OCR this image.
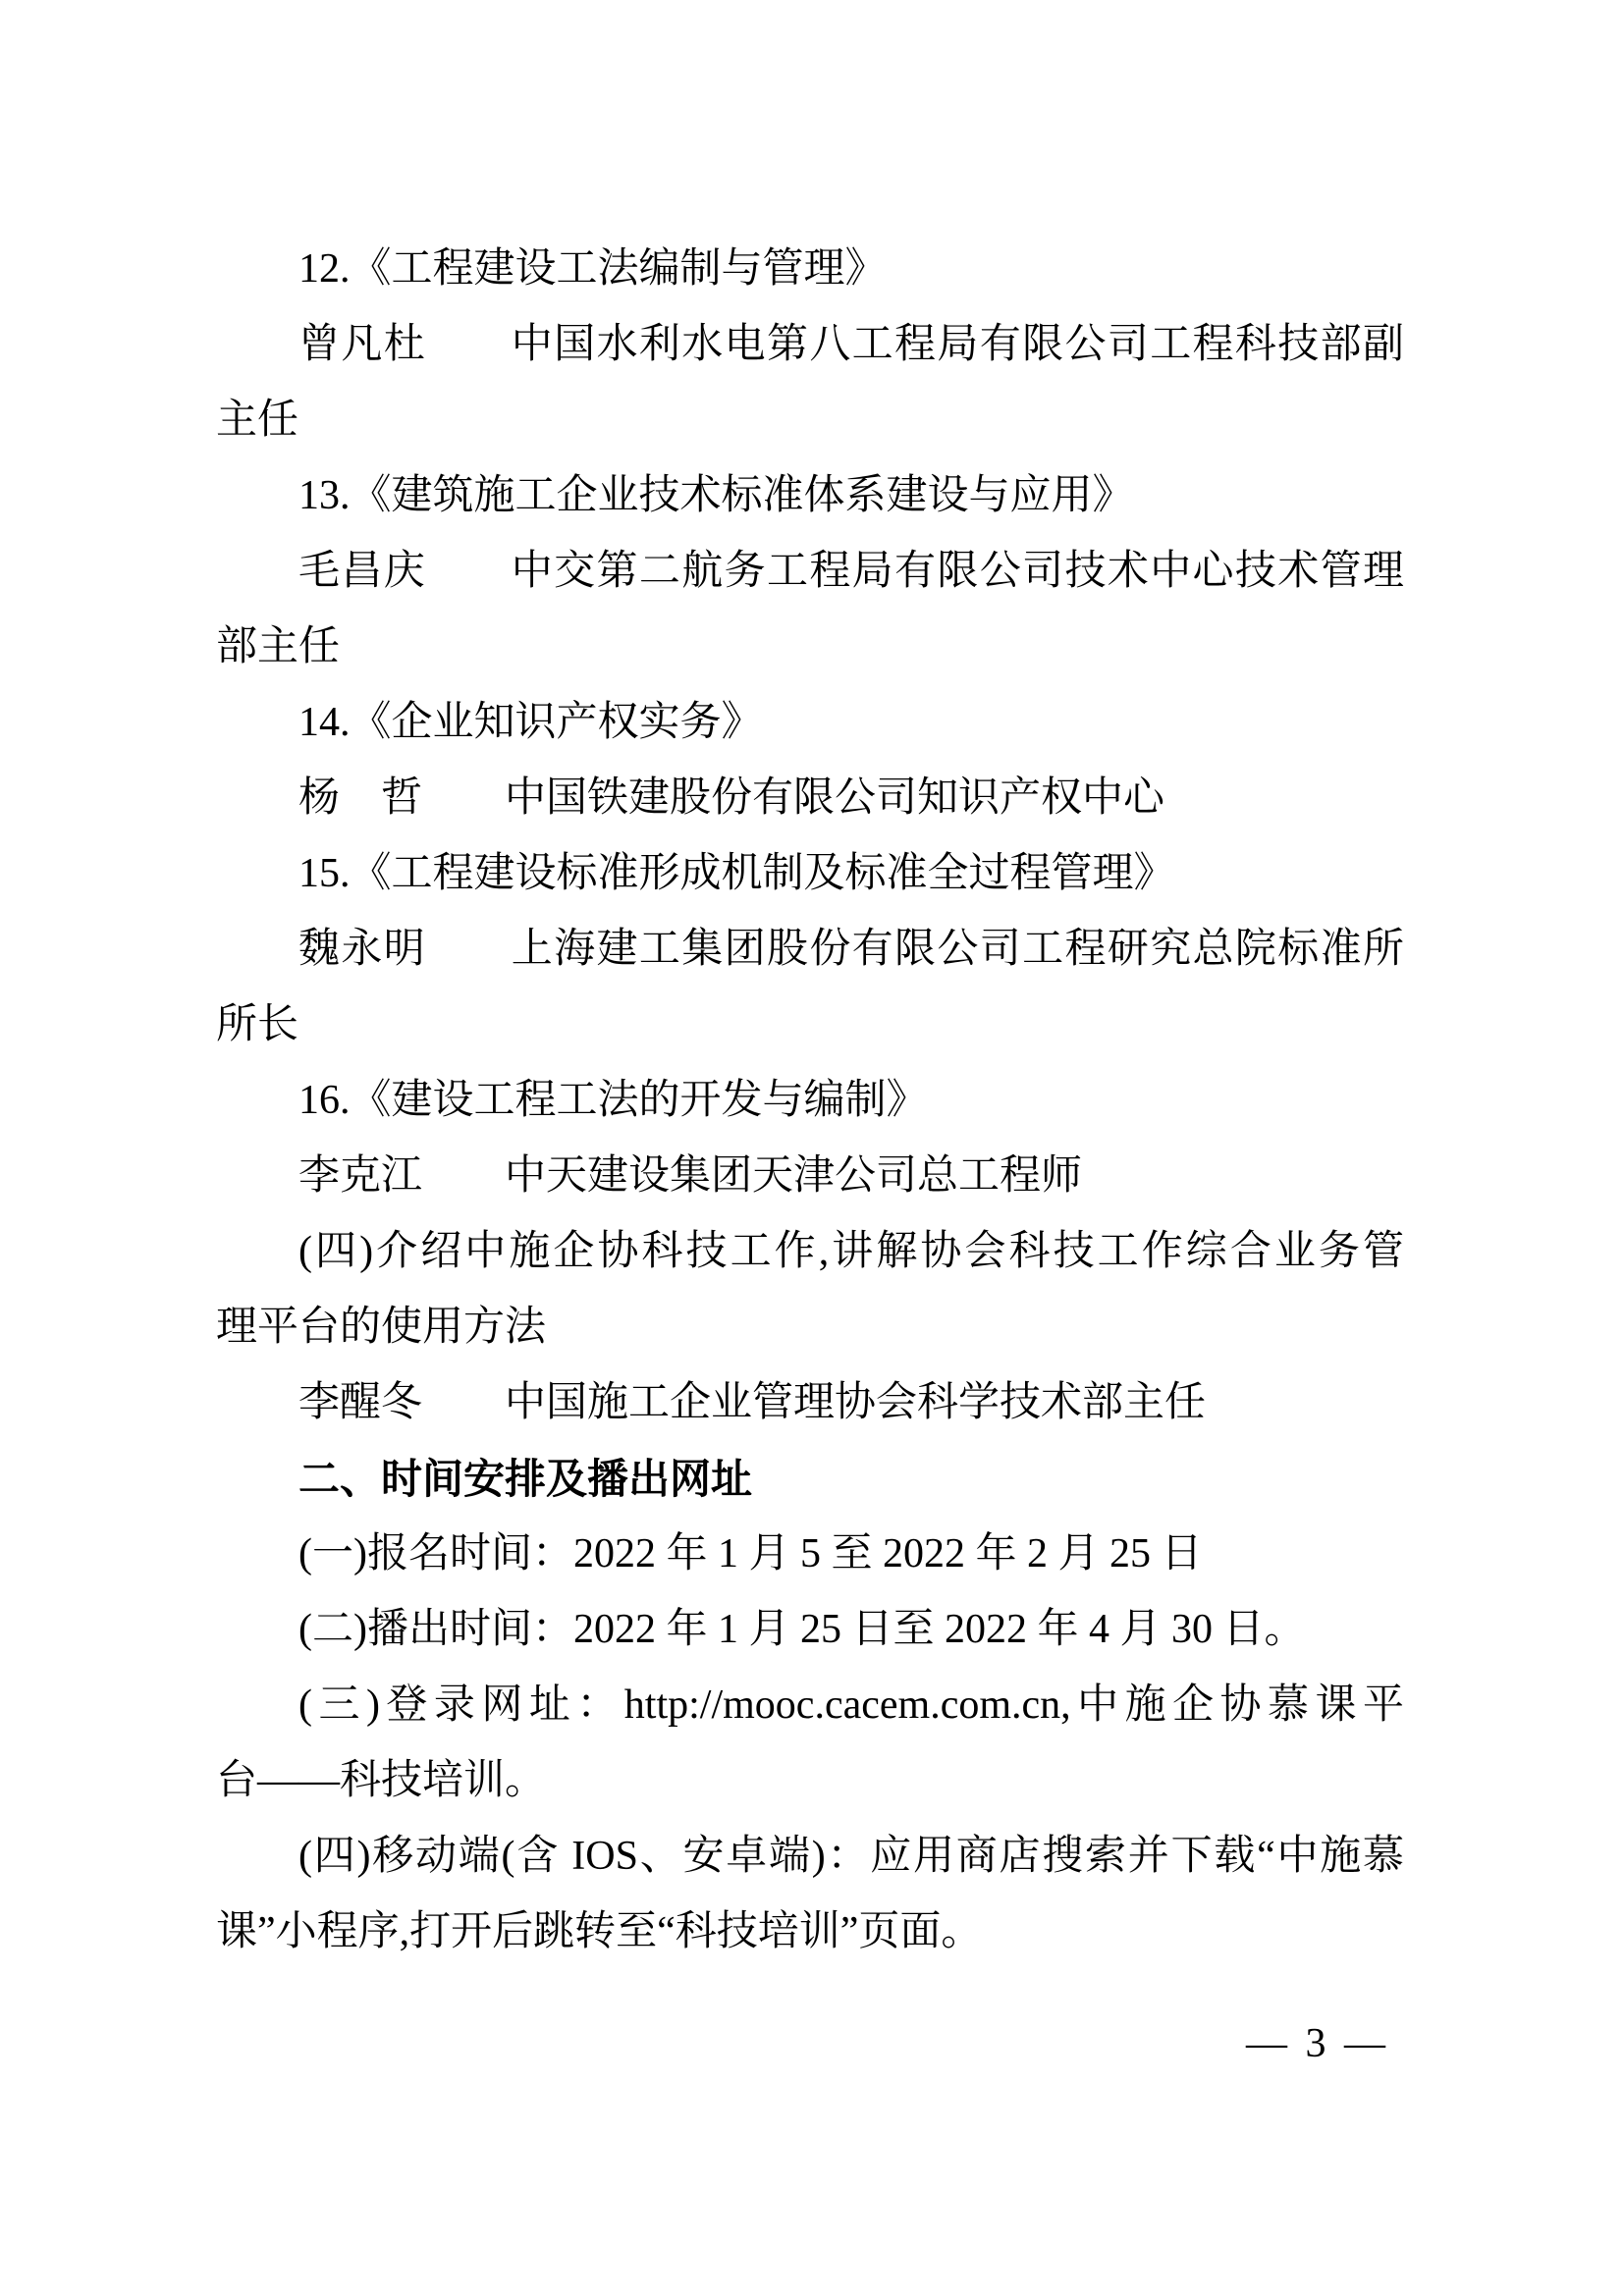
12.《工程建设工法编制与管理》
曾凡杜　　中国水利水电第八工程局有限公司工程科技部副
主任
13.《建筑施工企业技术标准体系建设与应用》
毛昌庆　　中交第二航务工程局有限公司技术中心技术管理
部主任
14.《企业知识产权实务》
杨　哲　　中国铁建股份有限公司知识产权中心
15.《工程建设标准形成机制及标准全过程管理》
魏永明　　上海建工集团股份有限公司工程研究总院标准所
所长
16.《建设工程工法的开发与编制》
李克江　　中天建设集团天津公司总工程师
(四)介绍中施企协科技工作,讲解协会科技工作综合业务管
理平台的使用方法
李醒冬　　中国施工企业管理协会科学技术部主任
二、时间安排及播出网址
(一)报名时间：2022 年 1 月 5 至 2022 年 2 月 25 日
(二)播出时间：2022 年 1 月 25 日至 2022 年 4 月 30 日。
(三)登录网址：http://mooc.cacem.com.cn,中施企协慕课平
台——科技培训。
(四)移动端(含 IOS、安卓端)：应用商店搜索并下载“中施慕
课”小程序,打开后跳转至“科技培训”页面。
— 3 —
